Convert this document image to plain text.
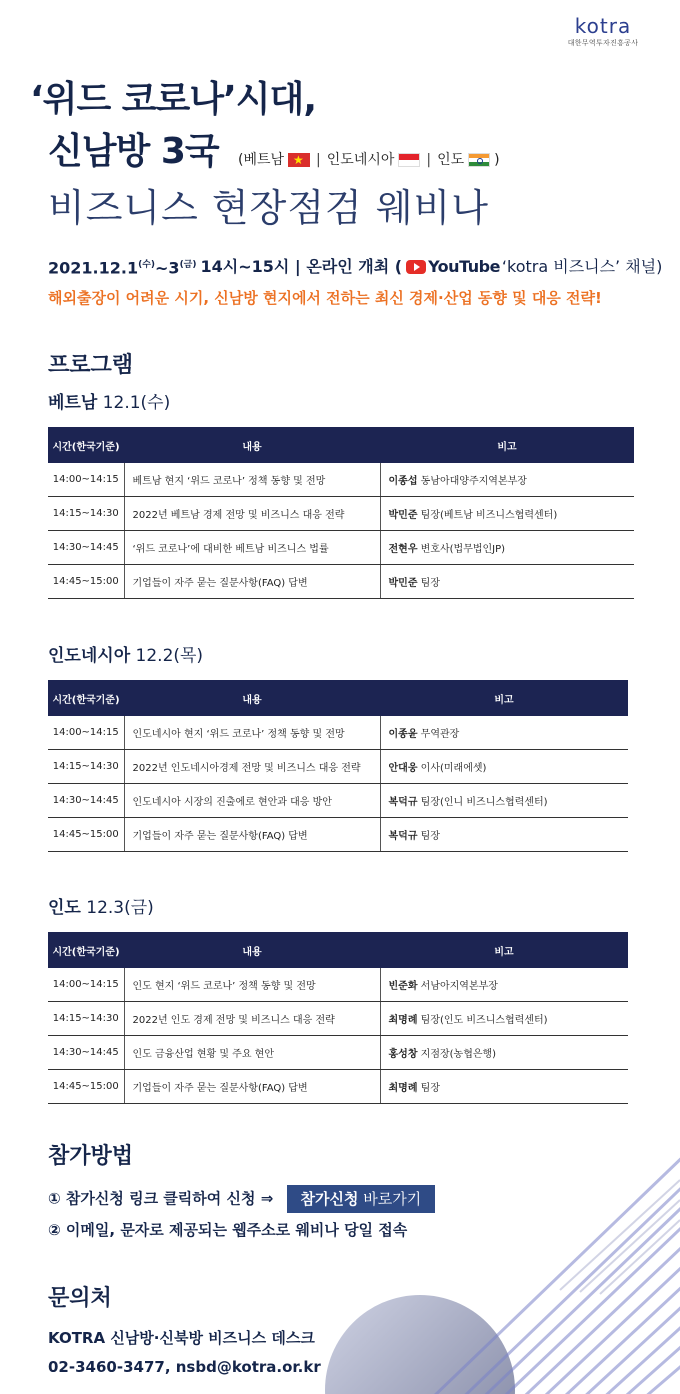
kotra
대한무역투자진흥공사
‘위드 코로나’시대,
신남방 3국 (베트남 ★ | 인도네시아 | 인도 )
비즈니스 현장점검 웨비나
$2021.12.1^{(수)}\sim 3^{(금)}$ 14시~15시 | 온라인 개최 ( YouTube ‘kotra 비즈니스’ 채널)
해외출장이 어려운 시기, 신남방 현지에서 전하는 최신 경제·산업 동향 및 대응 전략!
프로그램
베트남 12.1(수)
시간(한국기준)	내용	비고
14:00~14:15	베트남 현지 ‘위드 코로나’ 정책 동향 및 전망	이종섭 동남아대양주지역본부장
14:15~14:30	2022년 베트남 경제 전망 및 비즈니스 대응 전략	박민준 팀장(베트남 비즈니스협력센터)
14:30~14:45	‘위드 코로나’에 대비한 베트남 비즈니스 법률	전현우 변호사(법무법인JP)
14:45~15:00	기업들이 자주 묻는 질문사항(FAQ) 답변	박민준 팀장
인도네시아 12.2(목)
시간(한국기준)	내용	비고
14:00~14:15	인도네시아 현지 ‘위드 코로나’ 정책 동향 및 전망	이종윤 무역관장
14:15~14:30	2022년 인도네시아경제 전망 및 비즈니스 대응 전략	안대웅 이사(미래에셋)
14:30~14:45	인도네시아 시장의 진출에로 현안과 대응 방안	복덕규 팀장(인니 비즈니스협력센터)
14:45~15:00	기업들이 자주 묻는 질문사항(FAQ) 답변	복덕규 팀장
인도 12.3(금)
시간(한국기준)	내용	비고
14:00~14:15	인도 현지 ‘위드 코로나’ 정책 동향 및 전망	빈준화 서남아지역본부장
14:15~14:30	2022년 인도 경제 전망 및 비즈니스 대응 전략	최명례 팀장(인도 비즈니스협력센터)
14:30~14:45	인도 금융산업 현황 및 주요 현안	홍성창 지점장(농협은행)
14:45~15:00	기업들이 자주 묻는 질문사항(FAQ) 답변	최명례 팀장
참가방법
① 참가신청 링크 클릭하여 신청 ⇒ 참가신청 바로가기
② 이메일, 문자로 제공되는 웹주소로 웨비나 당일 접속
문의처
KOTRA 신남방·신북방 비즈니스 데스크
02-3460-3477, nsbd@kotra.or.kr
